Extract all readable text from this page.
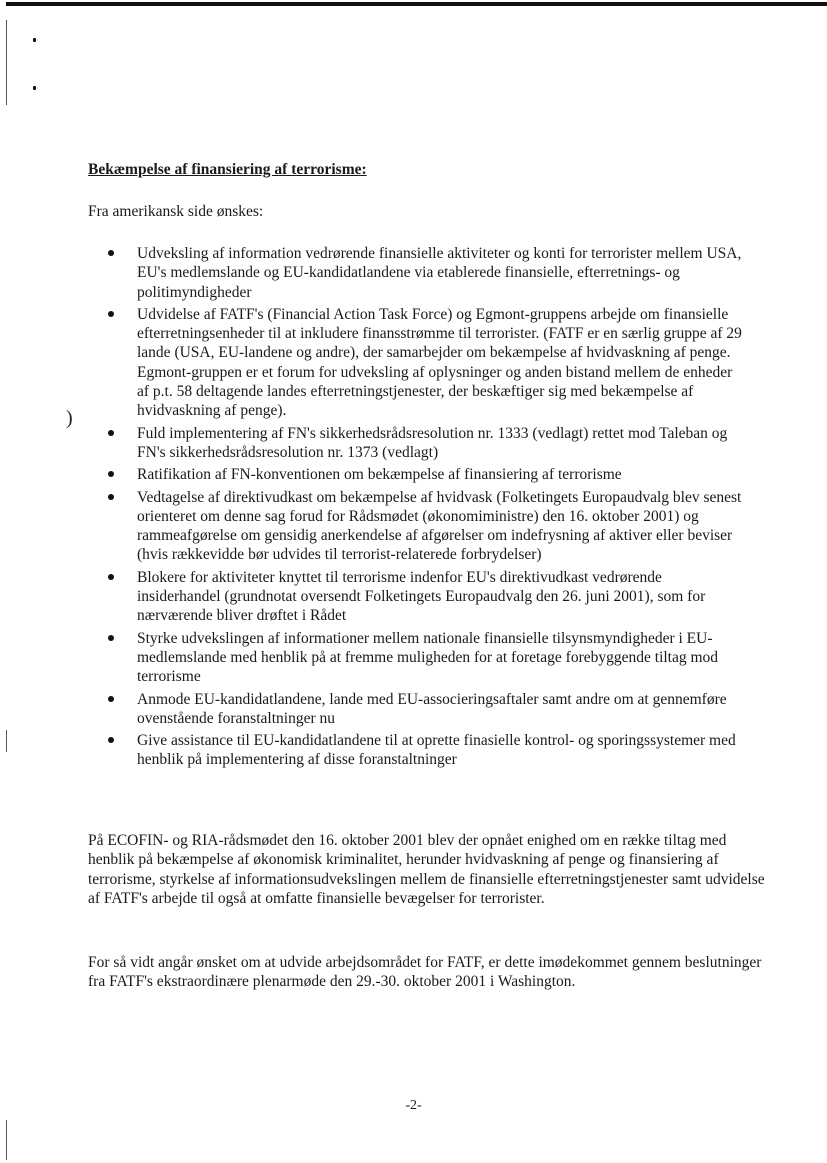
)
Bekæmpelse af finansiering af terrorisme:
Fra amerikansk side ønskes:
Udveksling af information vedrørende finansielle aktiviteter og konti for terrorister mellem USA, EU's medlemslande og EU-kandidatlandene via etablerede finansielle, efterretnings- og politimyndigheder
Udvidelse af FATF's (Financial Action Task Force) og Egmont-gruppens arbejde om finansielle efterretningsenheder til at inkludere finansstrømme til terrorister. (FATF er en særlig gruppe af 29 lande (USA, EU-landene og andre), der samarbejder om bekæmpelse af hvidvaskning af penge. Egmont-gruppen er et forum for udveksling af oplysninger og anden bistand mellem de enheder af p.t. 58 deltagende landes efterretningstjenester, der beskæftiger sig med bekæmpelse af hvidvaskning af penge).
Fuld implementering af FN's sikkerhedsrådsresolution nr. 1333 (vedlagt) rettet mod Taleban og FN's sikkerhedsrådsresolution nr. 1373 (vedlagt)
Ratifikation af FN-konventionen om bekæmpelse af finansiering af terrorisme
Vedtagelse af direktivudkast om bekæmpelse af hvidvask (Folketingets Europaudvalg blev senest orienteret om denne sag forud for Rådsmødet (økonomiministre) den 16. oktober 2001) og rammeafgørelse om gensidig anerkendelse af afgørelser om indefrysning af aktiver eller beviser (hvis rækkevidde bør udvides til terrorist-relaterede forbrydelser)
Blokere for aktiviteter knyttet til terrorisme indenfor EU's direktivudkast vedrørende insiderhandel (grundnotat oversendt Folketingets Europaudvalg den 26. juni 2001), som for nærværende bliver drøftet i Rådet
Styrke udvekslingen af informationer mellem nationale finansielle tilsynsmyndigheder i EU-medlemslande med henblik på at fremme muligheden for at foretage forebyggende tiltag mod terrorisme
Anmode EU-kandidatlandene, lande med EU-associeringsaftaler samt andre om at gennemføre ovenstående foranstaltninger nu
Give assistance til EU-kandidatlandene til at oprette finasielle kontrol- og sporingssystemer med henblik på implementering af disse foranstaltninger

På ECOFIN- og RIA-rådsmødet den 16. oktober 2001 blev der opnået enighed om en række tiltag med henblik på bekæmpelse af økonomisk kriminalitet, herunder hvidvaskning af penge og finansiering af terrorisme, styrkelse af informationsudvekslingen mellem de finansielle efterretningstjenester samt udvidelse af FATF's arbejde til også at omfatte finansielle bevægelser for terrorister.

For så vidt angår ønsket om at udvide arbejdsområdet for FATF, er dette imødekommet gennem beslutninger fra FATF's ekstraordinære plenarmøde den 29.-30. oktober 2001 i Washington.

-2-
